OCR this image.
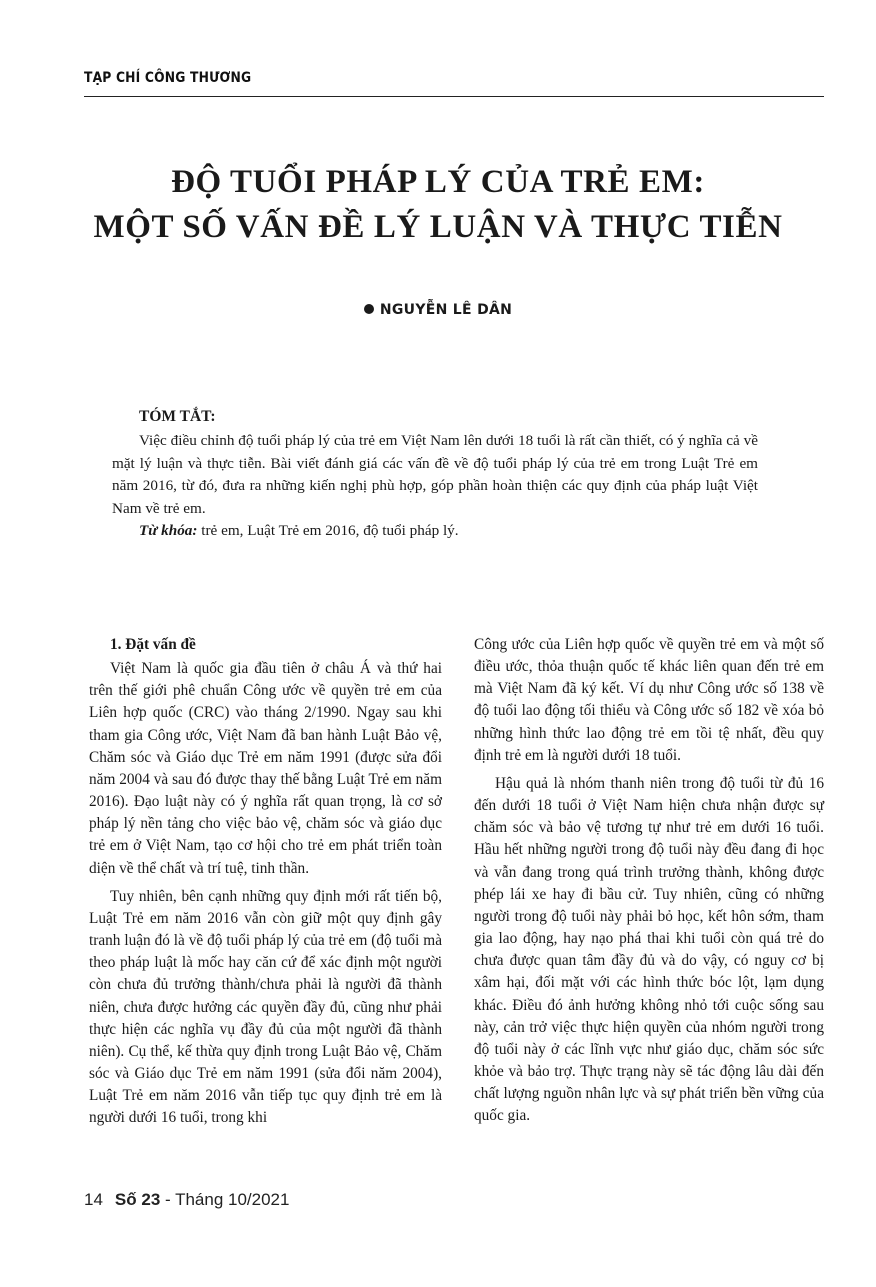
TẠP CHÍ CÔNG THƯƠNG
ĐỘ TUỔI PHÁP LÝ CỦA TRẺ EM:
MỘT SỐ VẤN ĐỀ LÝ LUẬN VÀ THỰC TIỄN
NGUYỄN LÊ DÂN
TÓM TẮT:
Việc điều chỉnh độ tuổi pháp lý của trẻ em Việt Nam lên dưới 18 tuổi là rất cần thiết, có ý nghĩa cả về mặt lý luận và thực tiễn. Bài viết đánh giá các vấn đề về độ tuổi pháp lý của trẻ em trong Luật Trẻ em năm 2016, từ đó, đưa ra những kiến nghị phù hợp, góp phần hoàn thiện các quy định của pháp luật Việt Nam về trẻ em.
Từ khóa: trẻ em, Luật Trẻ em 2016, độ tuổi pháp lý.
1. Đặt vấn đề

Việt Nam là quốc gia đầu tiên ở châu Á và thứ hai trên thế giới phê chuẩn Công ước về quyền trẻ em của Liên hợp quốc (CRC) vào tháng 2/1990. Ngay sau khi tham gia Công ước, Việt Nam đã ban hành Luật Bảo vệ, Chăm sóc và Giáo dục Trẻ em năm 1991 (được sửa đổi năm 2004 và sau đó được thay thế bằng Luật Trẻ em năm 2016). Đạo luật này có ý nghĩa rất quan trọng, là cơ sở pháp lý nền tảng cho việc bảo vệ, chăm sóc và giáo dục trẻ em ở Việt Nam, tạo cơ hội cho trẻ em phát triển toàn diện về thể chất và trí tuệ, tinh thần.

Tuy nhiên, bên cạnh những quy định mới rất tiến bộ, Luật Trẻ em năm 2016 vẫn còn giữ một quy định gây tranh luận đó là về độ tuổi pháp lý của trẻ em (độ tuổi mà theo pháp luật là mốc hay căn cứ để xác định một người còn chưa đủ trưởng thành/chưa phải là người đã thành niên, chưa được hưởng các quyền đầy đủ, cũng như phải thực hiện các nghĩa vụ đầy đủ của một người đã thành niên). Cụ thể, kế thừa quy định trong Luật Bảo vệ, Chăm sóc và Giáo dục Trẻ em năm 1991 (sửa đổi năm 2004), Luật Trẻ em năm 2016 vẫn tiếp tục quy định trẻ em là người dưới 16 tuổi, trong khi

Công ước của Liên hợp quốc về quyền trẻ em và một số điều ước, thỏa thuận quốc tế khác liên quan đến trẻ em mà Việt Nam đã ký kết. Ví dụ như Công ước số 138 về độ tuổi lao động tối thiểu và Công ước số 182 về xóa bỏ những hình thức lao động trẻ em tồi tệ nhất, đều quy định trẻ em là người dưới 18 tuổi.

Hậu quả là nhóm thanh niên trong độ tuổi từ đủ 16 đến dưới 18 tuổi ở Việt Nam hiện chưa nhận được sự chăm sóc và bảo vệ tương tự như trẻ em dưới 16 tuổi. Hầu hết những người trong độ tuổi này đều đang đi học và vẫn đang trong quá trình trưởng thành, không được phép lái xe hay đi bầu cử. Tuy nhiên, cũng có những người trong độ tuổi này phải bỏ học, kết hôn sớm, tham gia lao động, hay nạo phá thai khi tuổi còn quá trẻ do chưa được quan tâm đầy đủ và do vậy, có nguy cơ bị xâm hại, đối mặt với các hình thức bóc lột, lạm dụng khác. Điều đó ảnh hưởng không nhỏ tới cuộc sống sau này, cản trở việc thực hiện quyền của nhóm người trong độ tuổi này ở các lĩnh vực như giáo dục, chăm sóc sức khỏe và bảo trợ. Thực trạng này sẽ tác động lâu dài đến chất lượng nguồn nhân lực và sự phát triển bền vững của quốc gia.

14 Số 23 - Tháng 10/2021
